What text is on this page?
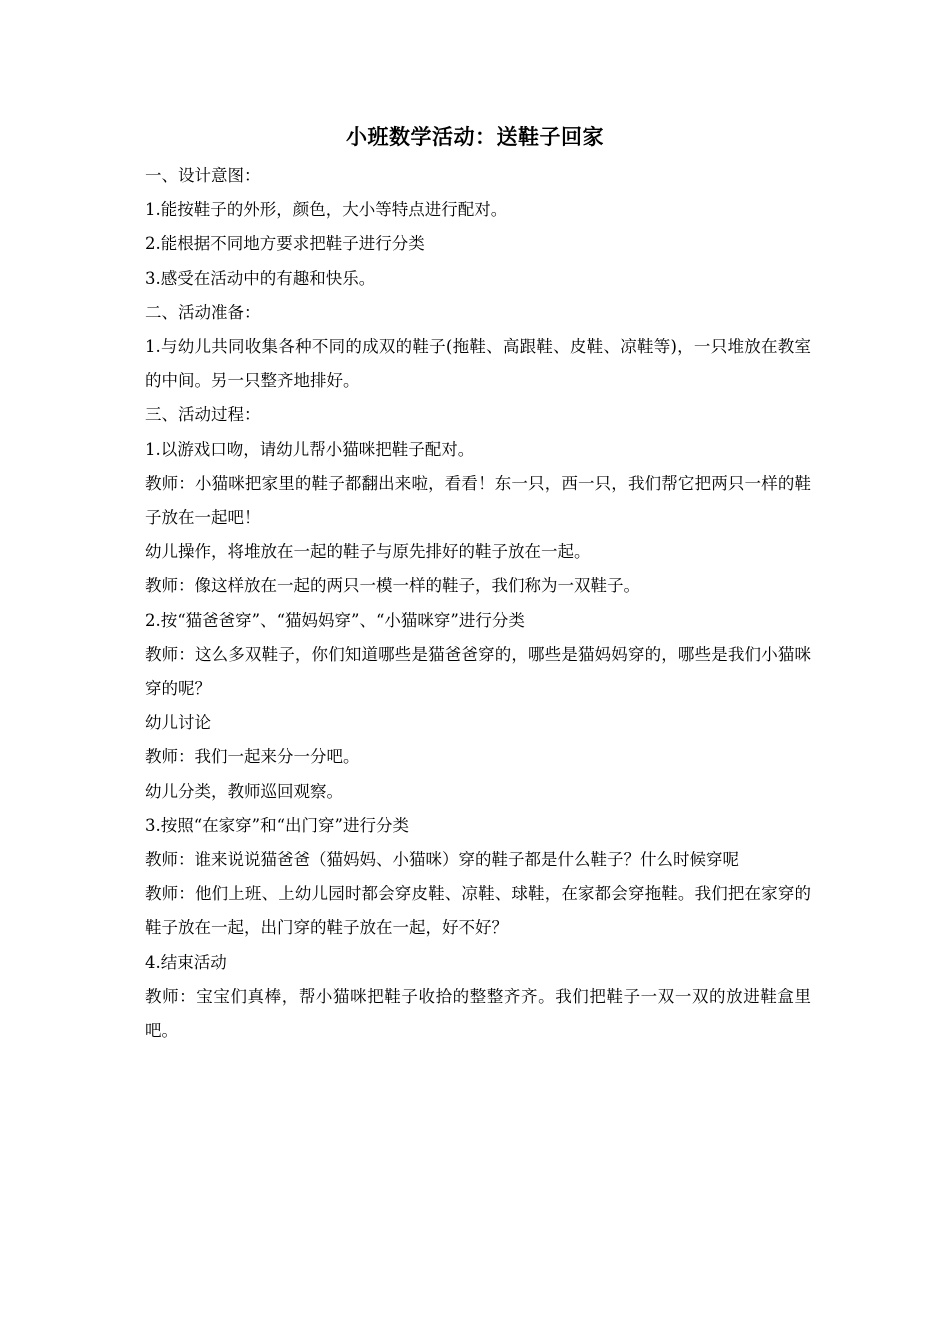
小班数学活动：送鞋子回家

一、设计意图：

1.能按鞋子的外形，颜色，大小等特点进行配对。

2.能根据不同地方要求把鞋子进行分类

3.感受在活动中的有趣和快乐。

二、活动准备：

1.与幼儿共同收集各种不同的成双的鞋子(拖鞋、高跟鞋、皮鞋、凉鞋等)，一只堆放在教室的中间。另一只整齐地排好。

三、活动过程：

1.以游戏口吻，请幼儿帮小猫咪把鞋子配对。

教师：小猫咪把家里的鞋子都翻出来啦，看看！东一只，西一只，我们帮它把两只一样的鞋子放在一起吧！

幼儿操作，将堆放在一起的鞋子与原先排好的鞋子放在一起。

教师：像这样放在一起的两只一模一样的鞋子，我们称为一双鞋子。

2.按“猫爸爸穿”、“猫妈妈穿”、“小猫咪穿”进行分类

教师：这么多双鞋子，你们知道哪些是猫爸爸穿的，哪些是猫妈妈穿的，哪些是我们小猫咪穿的呢？

幼儿讨论

教师：我们一起来分一分吧。

幼儿分类，教师巡回观察。

3.按照“在家穿”和“出门穿”进行分类

教师：谁来说说猫爸爸（猫妈妈、小猫咪）穿的鞋子都是什么鞋子？什么时候穿呢

教师：他们上班、上幼儿园时都会穿皮鞋、凉鞋、球鞋，在家都会穿拖鞋。我们把在家穿的鞋子放在一起，出门穿的鞋子放在一起，好不好？

4.结束活动

教师：宝宝们真棒，帮小猫咪把鞋子收拾的整整齐齐。我们把鞋子一双一双的放进鞋盒里吧。
